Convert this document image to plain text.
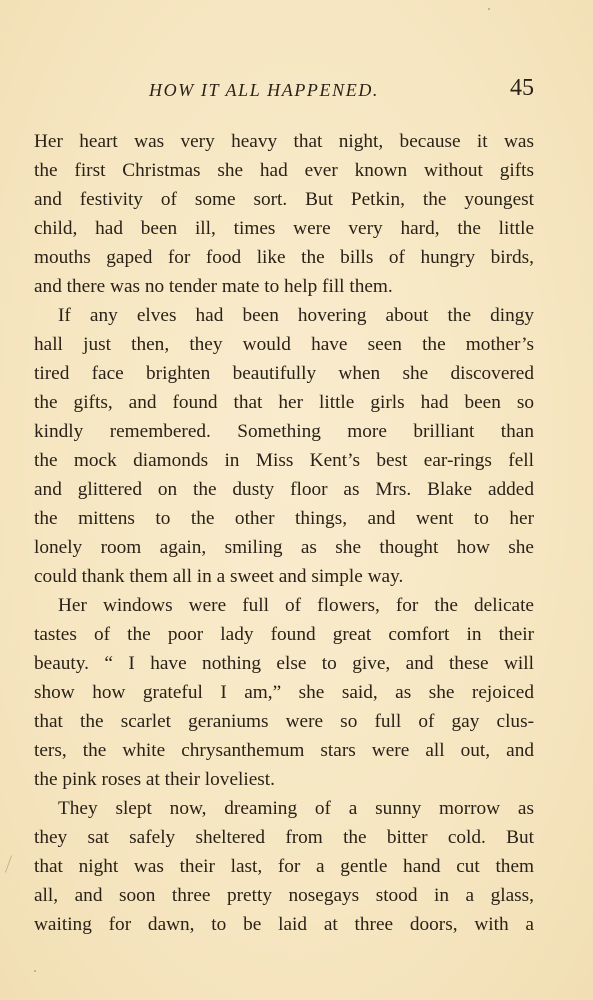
HOW IT ALL HAPPENED.	45
Her heart was very heavy that night, because it was
the first Christmas she had ever known without gifts
and festivity of some sort. But Petkin, the youngest
child, had been ill, times were very hard, the little
mouths gaped for food like the bills of hungry birds,
and there was no tender mate to help fill them.
If any elves had been hovering about the dingy
hall just then, they would have seen the mother’s
tired face brighten beautifully when she discovered
the gifts, and found that her little girls had been so
kindly remembered. Something more brilliant than
the mock diamonds in Miss Kent’s best ear-rings fell
and glittered on the dusty floor as Mrs. Blake added
the mittens to the other things, and went to her
lonely room again, smiling as she thought how she
could thank them all in a sweet and simple way.
Her windows were full of flowers, for the delicate
tastes of the poor lady found great comfort in their
beauty. “ I have nothing else to give, and these will
show how grateful I am,” she said, as she rejoiced
that the scarlet geraniums were so full of gay clus-
ters, the white chrysanthemum stars were all out, and
the pink roses at their loveliest.
They slept now, dreaming of a sunny morrow as
they sat safely sheltered from the bitter cold. But
that night was their last, for a gentle hand cut them
all, and soon three pretty nosegays stood in a glass,
waiting for dawn, to be laid at three doors, with a
